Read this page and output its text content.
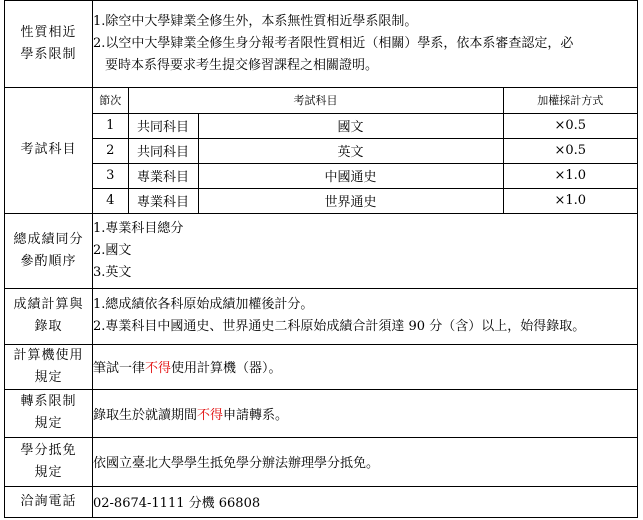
性質相近
學系限制

1.除空中大學肄業全修生外，本系無性質相近學系限制。
2.以空中大學肄業全修生身分報考者限性質相近（相關）學系，依本系審查認定，必
要時本系得要求考生提交修習課程之相關證明。

考試科目	
節次	考試科目	加權採計方式
1	共同科目	國文	×0.5
2	共同科目	英文	×0.5
3	專業科目	中國通史	×1.0
4	專業科目	世界通史	×1.0

總成績同分
參酌順序

1.專業科目總分
2.國文
3.英文

成績計算與
錄取

1.總成績依各科原始成績加權後計分。
2.專業科目中國通史、世界通史二科原始成績合計須達 90 分（含）以上，始得錄取。

計算機使用
規定
	筆試一律不得使用計算機（器）。

轉系限制
規定
	錄取生於就讀期間不得申請轉系。

學分抵免
規定
	依國立臺北大學學生抵免學分辦法辦理學分抵免。
洽詢電話	02-8674-1111 分機 66808
